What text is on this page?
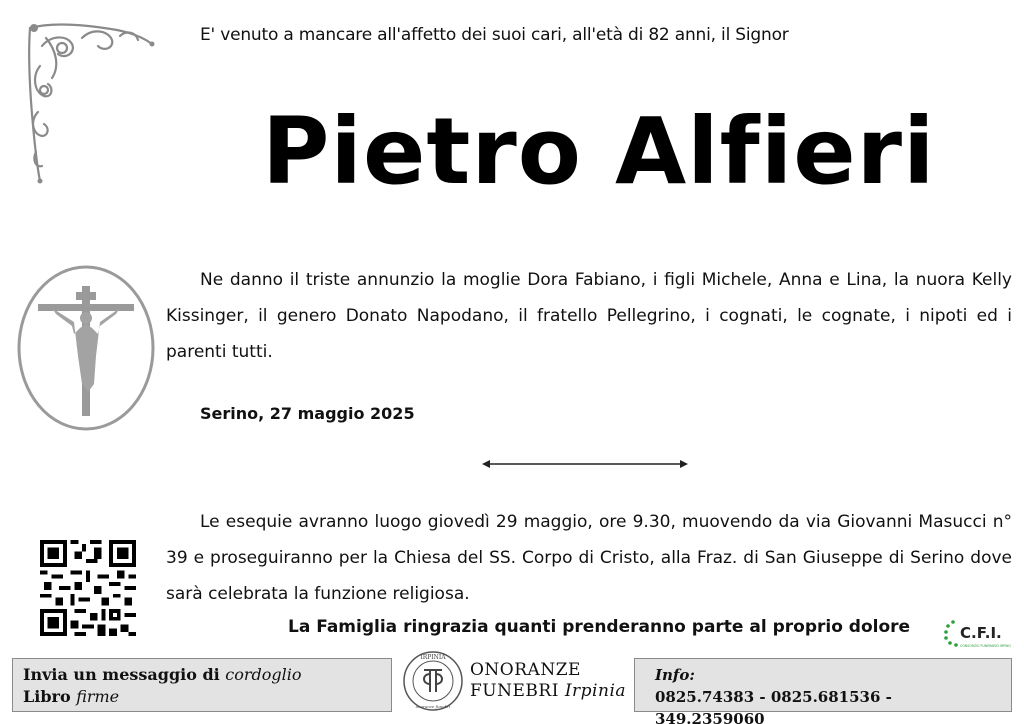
E' venuto a mancare all'affetto dei suoi cari, all'età di 82 anni, il Signor
Pietro Alfieri
Ne danno il triste annunzio la moglie Dora Fabiano, i figli Michele, Anna e Lina, la nuora Kelly Kissinger, il genero Donato Napodano, il fratello Pellegrino, i cognati, le cognate, i nipoti ed i parenti tutti.
Serino, 27 maggio 2025
Le esequie avranno luogo giovedì 29 maggio, ore 9.30, muovendo da via Giovanni Masucci n° 39 e proseguiranno per la Chiesa del SS. Corpo di Cristo, alla Fraz. di San Giuseppe di Serino dove sarà celebrata la funzione religiosa.
La Famiglia ringrazia quanti prenderanno parte al proprio dolore	C.F.I.
CONSORZIO FUNERARIO IRPINO
Invia un messaggio di cordoglio
Libro firme
IRPINIA
onoranze funebri
ONORANZE
FUNEBRI Irpinia
Info:
0825.74383 - 0825.681536 - 349.2359060
